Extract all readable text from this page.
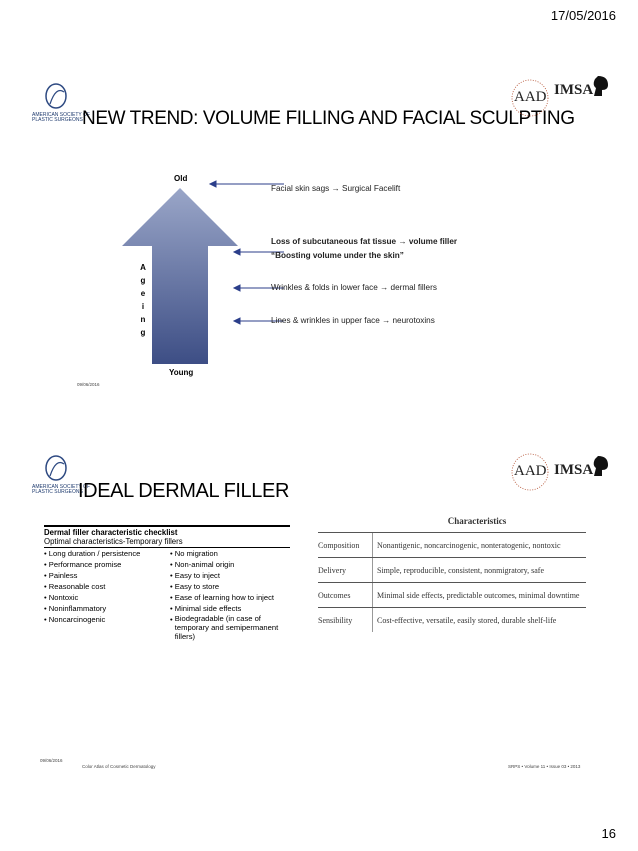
17/05/2016
AMERICAN SOCIETY OF
PLASTIC SURGEONS NEW TREND: VOLUME FILLING AND FACIAL SCULPTING
AAD IMSA
Old
Young
A
g
e
i
n
g
Facial skin sags → Surgical Facelift
Loss of subcutaneous fat tissue → volume filler
“Boosting volume under the skin”
Wrinkles & folds in lower face → dermal fillers
Lines & wrinkles in upper face → neurotoxins
09/06/2016
AMERICAN SOCIETY OF
PLASTIC SURGEONS
IDEAL DERMAL FILLER
AAD IMSA
Dermal filler characteristic checklist
Optimal characteristics-Temporary fillers
• Long duration / persistence
• Performance promise
• Painless
• Reasonable cost
• Nontoxic
• Noninflammatory
• Noncarcinogenic
• No migration
• Non-animal origin
• Easy to inject
• Easy to store
• Ease of learning how to inject
• Minimal side effects
• Biodegradable (in case of temporary and semipermanent fillers)
Characteristics
Composition	Nonantigenic, noncarcinogenic, nonteratogenic, nontoxic
Delivery	Simple, reproducible, consistent, nonmigratory, safe
Outcomes	Minimal side effects, predictable outcomes, minimal downtime
Sensibility	Cost-effective, versatile, easily stored, durable shelf-life
09/06/2016
Color Atlas of Cosmetic Dermatology	SRPS • Volume 11 • Issue 03 • 2013
16
